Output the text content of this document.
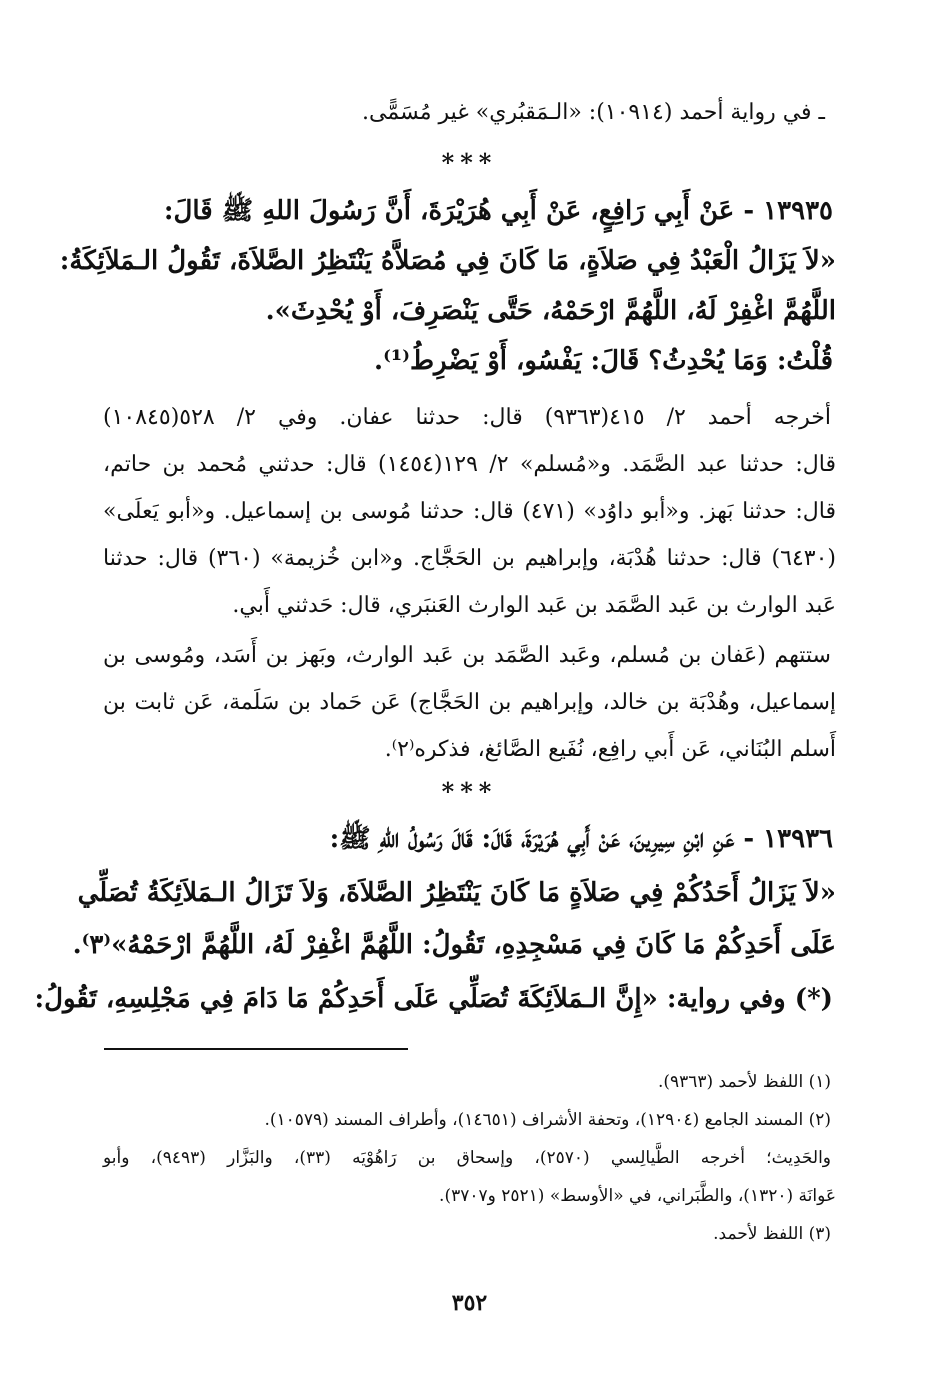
ـ في رواية أحمد (١٠٩١٤): «الـمَقبُري» غير مُسَمًّى.
***
١٣٩٣٥ - عَنْ أَبِي رَافِعٍ، عَنْ أَبِي هُرَيْرَةَ، أَنَّ رَسُولَ اللهِ ﷺ قَالَ:
«لاَ يَزَالُ الْعَبْدُ فِي صَلاَةٍ، مَا كَانَ فِي مُصَلاَّهُ يَنْتَظِرُ الصَّلاَةَ، تَقُولُ الـمَلاَئِكَةُ:
اللَّهُمَّ اغْفِرْ لَهُ، اللَّهُمَّ ارْحَمْهُ، حَتَّى يَنْصَرِفَ، أَوْ يُحْدِثَ».
قُلْتُ: وَمَا يُحْدِثُ؟ قَالَ: يَفْسُو، أَوْ يَضْرِطُ⁽¹⁾.
أخرجه أحمد ٢/ ٤١٥(٩٣٦٣) قال: حدثنا عفان. وفي ٢/ ٥٢٨(١٠٨٤٥)
قال: حدثنا عبد الصَّمَد. و«مُسلم» ٢/ ١٢٩(١٤٥٤) قال: حدثني مُحمد بن حاتم،
قال: حدثنا بَهز. و«أبو داوُد» (٤٧١) قال: حدثنا مُوسى بن إسماعيل. و«أبو يَعلَى»
(٦٤٣٠) قال: حدثنا هُدْبَة، وإبراهيم بن الحَجَّاج. و«ابن خُزيمة» (٣٦٠) قال: حدثنا
عَبد الوارث بن عَبد الصَّمَد بن عَبد الوارث العَنبَري، قال: حَدثني أَبي.
ستتهم (عَفان بن مُسلم، وعَبد الصَّمَد بن عَبد الوارث، وبَهز بن أَسَد، ومُوسى بن
إسماعيل، وهُدْبَة بن خالد، وإبراهيم بن الحَجَّاج) عَن حَماد بن سَلَمة، عَن ثابت بن
أَسلم البُنَاني، عَن أَبي رافِع، نُفَيع الصَّائغ، فذكره⁽٢⁾.
***
١٣٩٣٦ - عَنِ ابْنِ سِيرِينَ، عَنْ أَبِي هُرَيْرَةَ، قَالَ: قَالَ رَسُولُ اللهِ ﷺ:
«لاَ يَزَالُ أَحَدُكُمْ فِي صَلاَةٍ مَا كَانَ يَنْتَظِرُ الصَّلاَةَ، وَلاَ تَزَالُ الـمَلاَئِكَةُ تُصَلِّي
عَلَى أَحَدِكُمْ مَا كَانَ فِي مَسْجِدِهِ، تَقُولُ: اللَّهُمَّ اغْفِرْ لَهُ، اللَّهُمَّ ارْحَمْهُ»⁽٣⁾.
(*) وفي رواية: «إِنَّ الـمَلاَئِكَةَ تُصَلِّي عَلَى أَحَدِكُمْ مَا دَامَ فِي مَجْلِسِهِ، تَقُولُ:
(١) اللفظ لأحمد (٩٣٦٣).
(٢) المسند الجامع (١٢٩٠٤)، وتحفة الأشراف (١٤٦٥١)، وأطراف المسند (١٠٥٧٩).
والحَدِيث؛ أخرجه الطَّيالِسي (٢٥٧٠)، وإسحاق بن رَاهُوْيَه (٣٣)، والبَزَّار (٩٤٩٣)، وأبو
عَوانَة (١٣٢٠)، والطَّبَراني، في «الأوسط» (٢٥٢١ و٣٧٠٧).
(٣) اللفظ لأحمد.
٣٥٢
